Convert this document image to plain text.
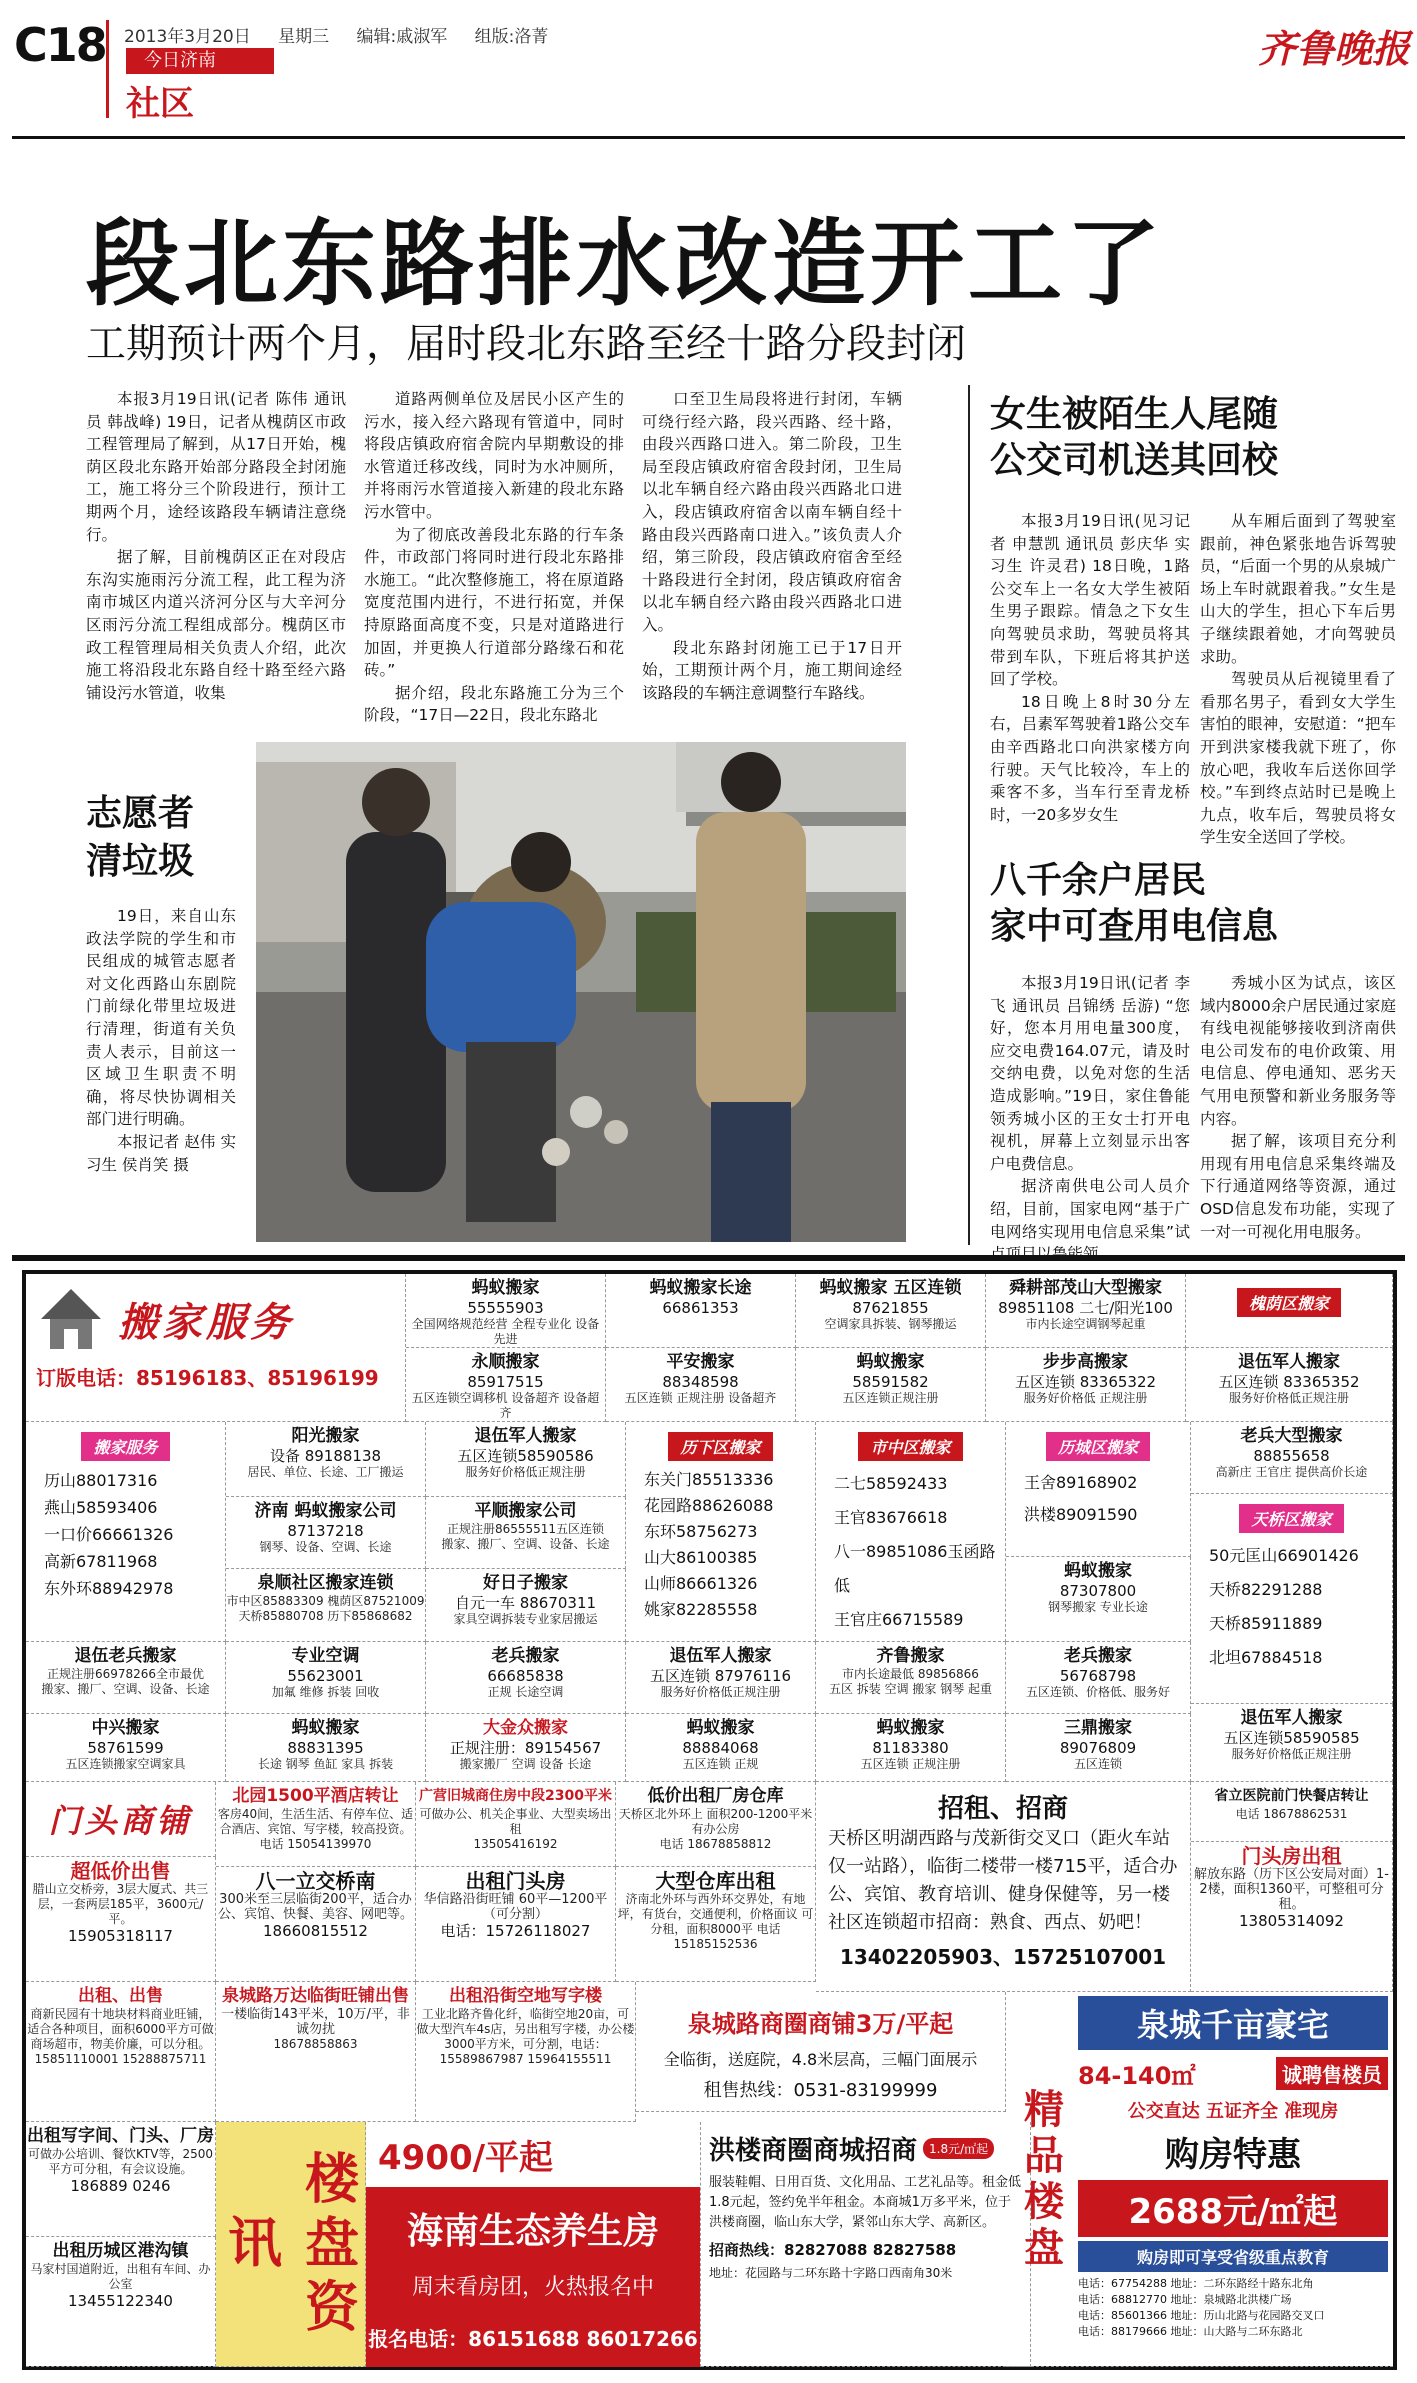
C18 2013年3月20日 星期三 编辑:戚淑军 组版:洛菁
今日济南
社区
齐鲁晚报
段北东路排水改造开工了
工期预计两个月，届时段北东路至经十路分段封闭

本报3月19日讯(记者 陈伟 通讯员 韩战峰) 19日，记者从槐荫区市政工程管理局了解到，从17日开始，槐荫区段北东路开始部分路段全封闭施工，施工将分三个阶段进行，预计工期两个月，途经该路段车辆请注意绕行。

据了解，目前槐荫区正在对段店东沟实施雨污分流工程，此工程为济南市城区内道兴济河分区与大辛河分区雨污分流工程组成部分。槐荫区市政工程管理局相关负责人介绍，此次施工将沿段北东路自经十路至经六路铺设污水管道，收集

道路两侧单位及居民小区产生的污水，接入经六路现有管道中，同时将段店镇政府宿舍院内早期敷设的排水管道迁移改线，同时为水冲厕所，并将雨污水管道接入新建的段北东路污水管中。

为了彻底改善段北东路的行车条件，市政部门将同时进行段北东路排水施工。“此次整修施工，将在原道路宽度范围内进行，不进行拓宽，并保持原路面高度不变，只是对道路进行加固，并更换人行道部分路缘石和花砖。”

据介绍，段北东路施工分为三个阶段，“17日—22日，段北东路北

口至卫生局段将进行封闭，车辆可绕行经六路，段兴西路、经十路，由段兴西路口进入。第二阶段，卫生局至段店镇政府宿舍段封闭，卫生局以北车辆自经六路由段兴西路北口进入，段店镇政府宿舍以南车辆自经十路由段兴西路南口进入。”该负责人介绍，第三阶段，段店镇政府宿舍至经十路段进行全封闭，段店镇政府宿舍以北车辆自经六路由段兴西路北口进入。

段北东路封闭施工已于17日开始，工期预计两个月，施工期间途经该路段的车辆注意调整行车路线。

志愿者
清垃圾

19日，来自山东政法学院的学生和市民组成的城管志愿者对文化西路山东剧院门前绿化带里垃圾进行清理，街道有关负责人表示，目前这一区域卫生职责不明确，将尽快协调相关部门进行明确。

本报记者 赵伟 实习生 侯肖笑 摄

女生被陌生人尾随
公交司机送其回校

本报3月19日讯(见习记者 申慧凯 通讯员 彭庆华 实习生 许灵君) 18日晚，1路公交车上一名女大学生被陌生男子跟踪。情急之下女生向驾驶员求助，驾驶员将其带到车队，下班后将其护送回了学校。

18日晚上8时30分左右，吕素军驾驶着1路公交车由辛西路北口向洪家楼方向行驶。天气比较冷，车上的乘客不多，当车行至青龙桥时，一20多岁女生

从车厢后面到了驾驶室跟前，神色紧张地告诉驾驶员，“后面一个男的从泉城广场上车时就跟着我。”女生是山大的学生，担心下车后男子继续跟着她，才向驾驶员求助。

驾驶员从后视镜里看了看那名男子，看到女大学生害怕的眼神，安慰道：“把车开到洪家楼我就下班了，你放心吧，我收车后送你回学校。”车到终点站时已是晚上九点，收车后，驾驶员将女学生安全送回了学校。

八千余户居民
家中可查用电信息

本报3月19日讯(记者 李飞 通讯员 吕锦绣 岳游) “您好，您本月用电量300度，应交电费164.07元，请及时交纳电费，以免对您的生活造成影响。”19日，家住鲁能领秀城小区的王女士打开电视机，屏幕上立刻显示出客户电费信息。

据济南供电公司人员介绍，目前，国家电网“基于广电网络实现用电信息采集”试

秀城小区为试点，该区域内8000余户居民通过家庭有线电视能够接收到济南供电公司发布的电价政策、用电信息、停电通知、恶劣天气用电预警和新业务服务等内容。

据了解，该项目充分利用现有用电信息采集终端及下行通道网络等资源，通过OSD信息发布功能，实现了一对一可视化用电服务。

搬家服务
订版电话：85196183、85196199
蚂蚁搬家
55555903
全国网络规范经营 全程专业化 设备先进
永顺搬家
85917515
五区连锁空调移机 设备超齐 设备超齐
蚂蚁搬家长途
66861353
平安搬家
88348598
五区连锁 正规注册 设备超齐
蚂蚁搬家 五区连锁
87621855
空调家具拆装、钢琴搬运
蚂蚁搬家
58591582
五区连锁正规注册
舜耕部茂山大型搬家
89851108 二七/阳光100
市内长途空调钢琴起重
步步高搬家
五区连锁 83365322
服务好价格低 正规注册
槐荫区搬家
退伍军人搬家
五区连锁 83365352
服务好价格低正规注册
搬家服务
历山88017316
燕山58593406
一口价66661326
高新67811968
东外环88942978
阳光搬家
设备 89188138
居民、单位、长途、工厂搬运
退伍军人搬家
五区连锁58590586
服务好价格低正规注册
济南 蚂蚁搬家公司
87137218
钢琴、设备、空调、长途
平顺搬家公司
正规注册86555511五区连锁
搬家、搬厂、空调、设备、长途
泉顺社区搬家连锁
市中区85883309 槐荫区87521009
天桥85880708 历下85868682
好日子搬家
自元一车 88670311
家具空调拆装专业家居搬运
历下区搬家
东关门85513336
花园路88626088
东环58756273
山大86100385
山师86661326
姚家82285558
市中区搬家
二七58592433
王官83676618
八一89851086玉函路低
王官庄66715589
历城区搬家
王舍89168902
洪楼89091590
蚂蚁搬家
87307800
钢琴搬家 专业长途
老兵大型搬家
88855658
高新庄 王官庄 提供高价长途
天桥区搬家
50元匡山66901426
天桥82291288
天桥85911889
北坦67884518
退伍老兵搬家
正规注册66978266全市最优
搬家、搬厂、空调、设备、长途
专业空调
55623001
加氟 维修 拆装 回收
老兵搬家
66685838
正规 长途空调
退伍军人搬家
五区连锁 87976116
服务好价格低正规注册
齐鲁搬家
市内长途最低 89856866
五区 拆装 空调 搬家 钢琴 起重
老兵搬家
56768798
五区连锁、价格低、服务好
中兴搬家
58761599
五区连锁搬家空调家具
蚂蚁搬家
88831395
长途 钢琴 鱼缸 家具 拆装
大金众搬家
正规注册：89154567
搬家搬厂 空调 设备 长途
蚂蚁搬家
88884068
五区连锁 正规
蚂蚁搬家
81183380
五区连锁 正规注册
三鼎搬家
89076809
五区连锁
退伍军人搬家
五区连锁58590585
服务好价格低正规注册
门头商铺
北园1500平酒店转让
客房40间，生活生活、有停车位、适合酒店、宾馆、写字楼，较高投资。
电话 15054139970
广营旧城商住房中段2300平米
可做办公、机关企事业、大型卖场出租
13505416192
低价出租厂房仓库
天桥区北外环上 面积200-1200平米 有办公房
电话 18678858812
招租、招商
天桥区明湖西路与茂新街交叉口（距火车站仅一站路），临街二楼带一楼715平，适合办公、宾馆、教育培训、健身保健等，另一楼社区连锁超市招商：熟食、西点、奶吧！
13402205903、15725107001
省立医院前门快餐店转让
电话 18678862531
超低价出售
腊山立交桥旁，3层大厦式、共三层，一套两层185平，3600元/平。
15905318117
八一立交桥南
300米至三层临街200平，适合办公、宾馆、快餐、美容、网吧等。
18660815512
出租门头房
华信路沿街旺铺 60平—1200平（可分割）
电话：15726118027
大型仓库出租
济南北外环与西外环交界处，有地坪，有货台，交通便利，价格面议 可分租，面积8000平 电话
15185152536
门头房出租
解放东路（历下区公安局对面）1-2楼，面积1360平，可整租可分租。
13805314092
出租、出售
商新民园有十地块材料商业旺铺，适合各种项目，面积6000平方可做商场超市，物美价廉，可以分租。
15851110001 15288875711
泉城路万达临街旺铺出售
一楼临街143平米，10万/平，非诚勿扰
18678858863
出租沿街空地写字楼
工业北路齐鲁化纤，临街空地20亩，可做大型汽车4s店，另出租写字楼，办公楼3000平方米，可分割，电话：
15589867987 15964155511
泉城路商圈商铺3万/平起
全临街，送庭院，4.8米层高，三幅门面展示
租售热线：0531-83199999
出租写字间、门头、厂房
可做办公培训、餐饮KTV等，2500平方可分租，有会议设施。
186889 0246
出租历城区港沟镇
马家村国道附近，出租有车间、办公室
13455122340	楼盘资讯
4900/平起
海南生态养生房
周末看房团，火热报名中
报名电话：86151688 86017266
洪楼商圈商城招商	1.8元/㎡起
服装鞋帽、日用百货、文化用品、工艺礼品等。租金低1.8元起，签约免半年租金。本商城1万多平米，位于洪楼商圈，临山东大学，紧邻山东大学、高新区。
招商热线：82827088 82827588
地址：花园路与二环东路十字路口西南角30米
精品楼盘
泉城千亩豪宅
84-140㎡	诚聘售楼员
公交直达 五证齐全 准现房
购房特惠
2688元/㎡起
购房即可享受省级重点教育
电话：67754288 地址：二环东路经十路东北角
电话：68812770 地址：泉城路北洪楼广场
电话：85601366 地址：历山北路与花园路交叉口
电话：88179666 地址：山大路与二环东路北
